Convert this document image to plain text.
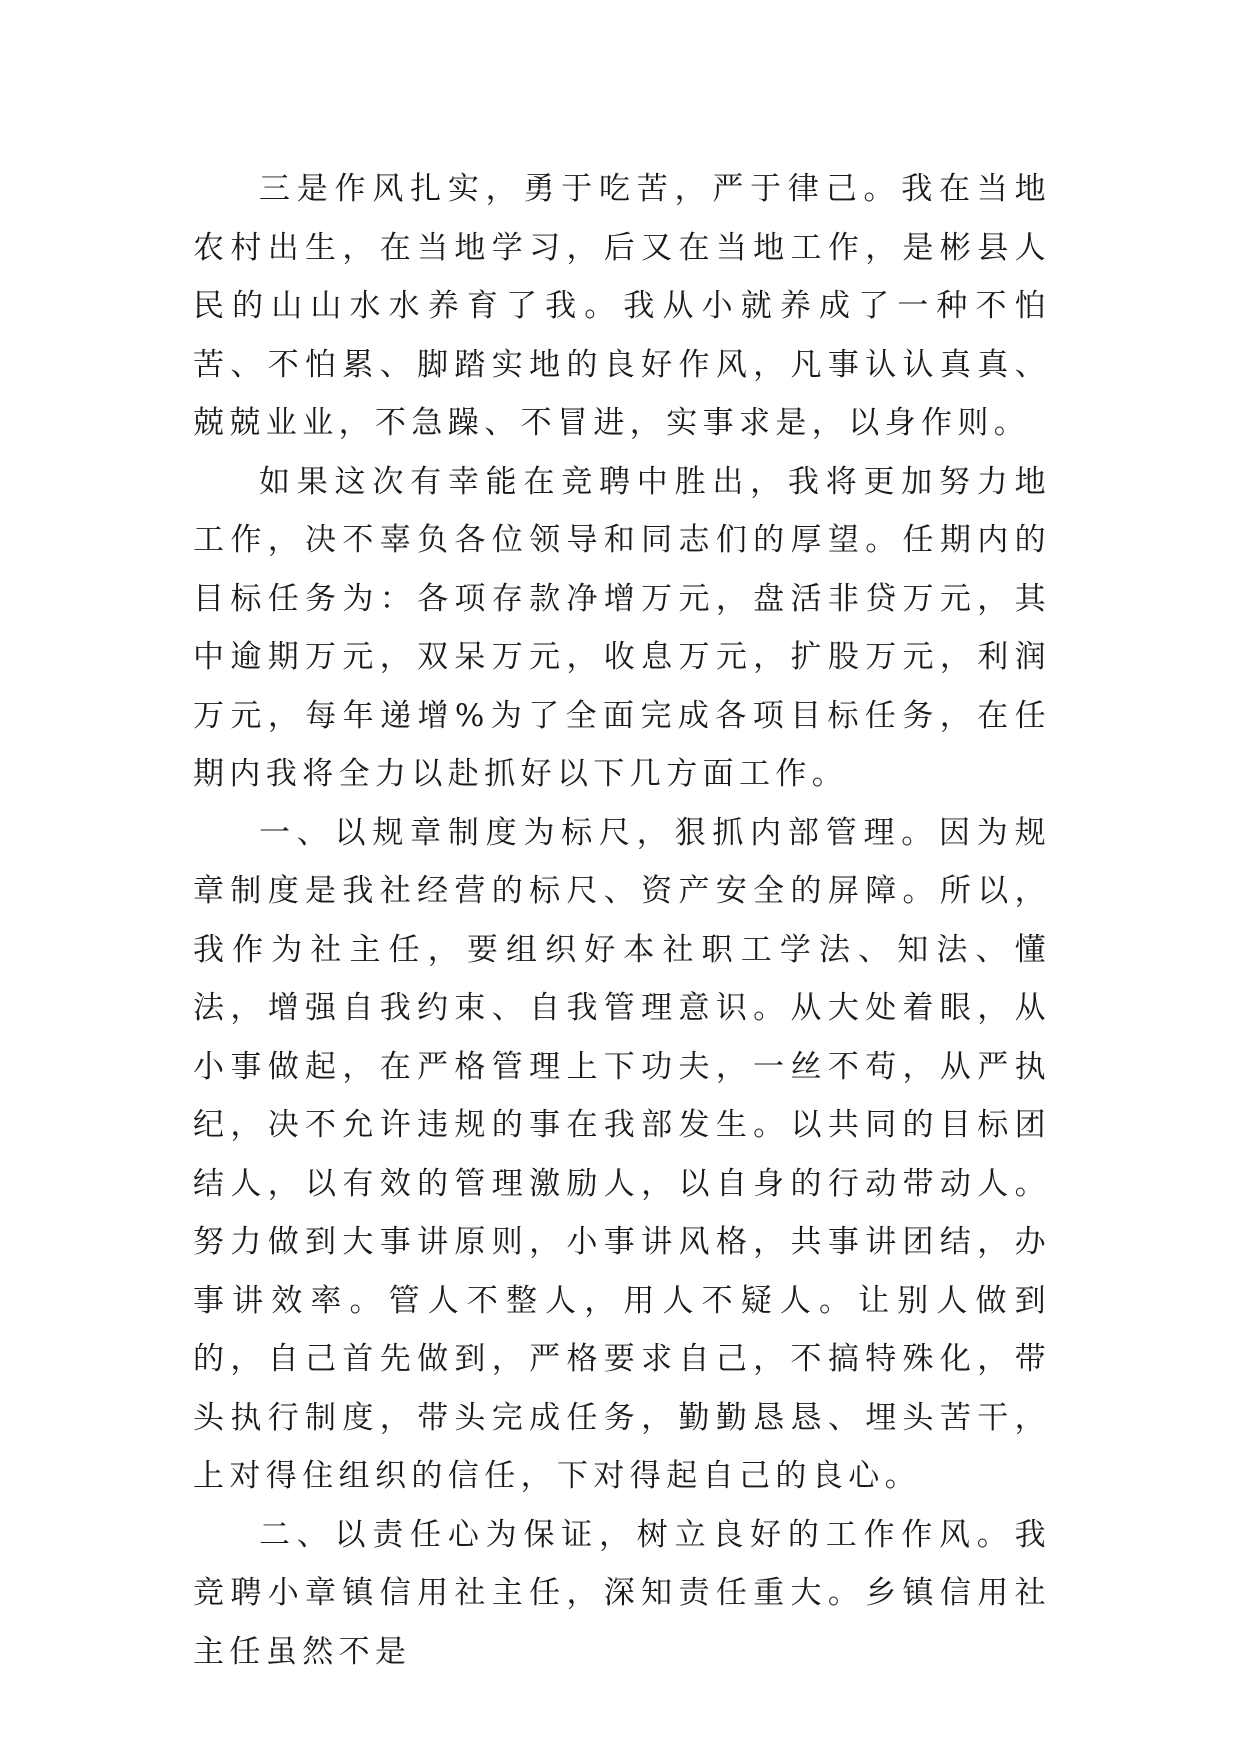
三是作风扎实，勇于吃苦，严于律己。我在当地农村出生，在当地学习，后又在当地工作，是彬县人民的山山水水养育了我。我从小就养成了一种不怕苦、不怕累、脚踏实地的良好作风，凡事认认真真、兢兢业业，不急躁、不冒进，实事求是，以身作则。

如果这次有幸能在竞聘中胜出，我将更加努力地工作，决不辜负各位领导和同志们的厚望。任期内的目标任务为：各项存款净增万元，盘活非贷万元，其中逾期万元，双呆万元，收息万元，扩股万元，利润万元，每年递增%为了全面完成各项目标任务，在任期内我将全力以赴抓好以下几方面工作。

一、以规章制度为标尺，狠抓内部管理。因为规章制度是我社经营的标尺、资产安全的屏障。所以，我作为社主任，要组织好本社职工学法、知法、懂法，增强自我约束、自我管理意识。从大处着眼，从小事做起，在严格管理上下功夫，一丝不苟，从严执纪，决不允许违规的事在我部发生。以共同的目标团结人，以有效的管理激励人，以自身的行动带动人。努力做到大事讲原则，小事讲风格，共事讲团结，办事讲效率。管人不整人，用人不疑人。让别人做到的，自己首先做到，严格要求自己，不搞特殊化，带头执行制度，带头完成任务，勤勤恳恳、埋头苦干，上对得住组织的信任，下对得起自己的良心。

二、以责任心为保证，树立良好的工作作风。我竞聘小章镇信用社主任，深知责任重大。乡镇信用社主任虽然不是
